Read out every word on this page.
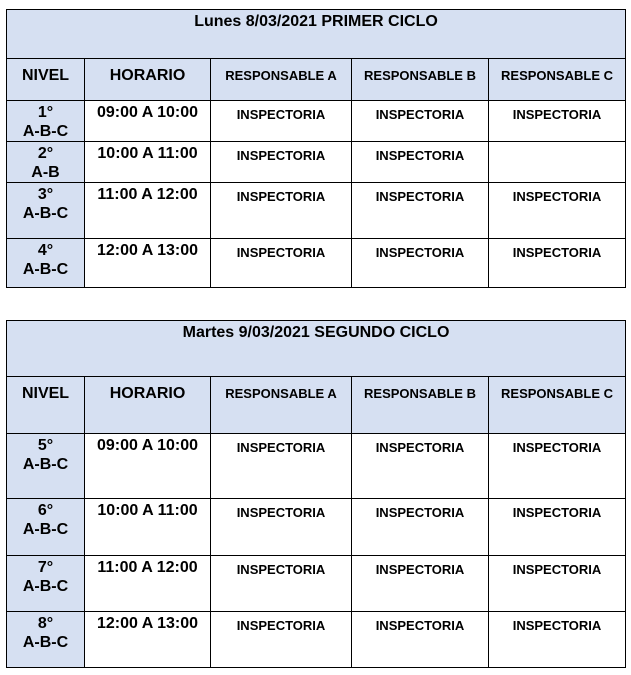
Lunes 8/03/2021 PRIMER CICLO				
NIVEL	HORARIO	RESPONSABLE A	RESPONSABLE B	RESPONSABLE C

1°
A-B-C	09:00 A 10:00	INSPECTORIA	INSPECTORIA	INSPECTORIA

2°
A-B	10:00 A 11:00	INSPECTORIA	INSPECTORIA	

3°
A-B-C	11:00 A 12:00	INSPECTORIA	INSPECTORIA	INSPECTORIA

4°
A-B-C	12:00 A 13:00	INSPECTORIA	INSPECTORIA	INSPECTORIA
Martes 9/03/2021 SEGUNDO CICLO				
NIVEL	HORARIO	RESPONSABLE A	RESPONSABLE B	RESPONSABLE C

5°
A-B-C	09:00 A 10:00	INSPECTORIA	INSPECTORIA	INSPECTORIA

6°
A-B-C	10:00 A 11:00	INSPECTORIA	INSPECTORIA	INSPECTORIA

7°
A-B-C	11:00 A 12:00	INSPECTORIA	INSPECTORIA	INSPECTORIA

8°
A-B-C	12:00 A 13:00	INSPECTORIA	INSPECTORIA	INSPECTORIA
